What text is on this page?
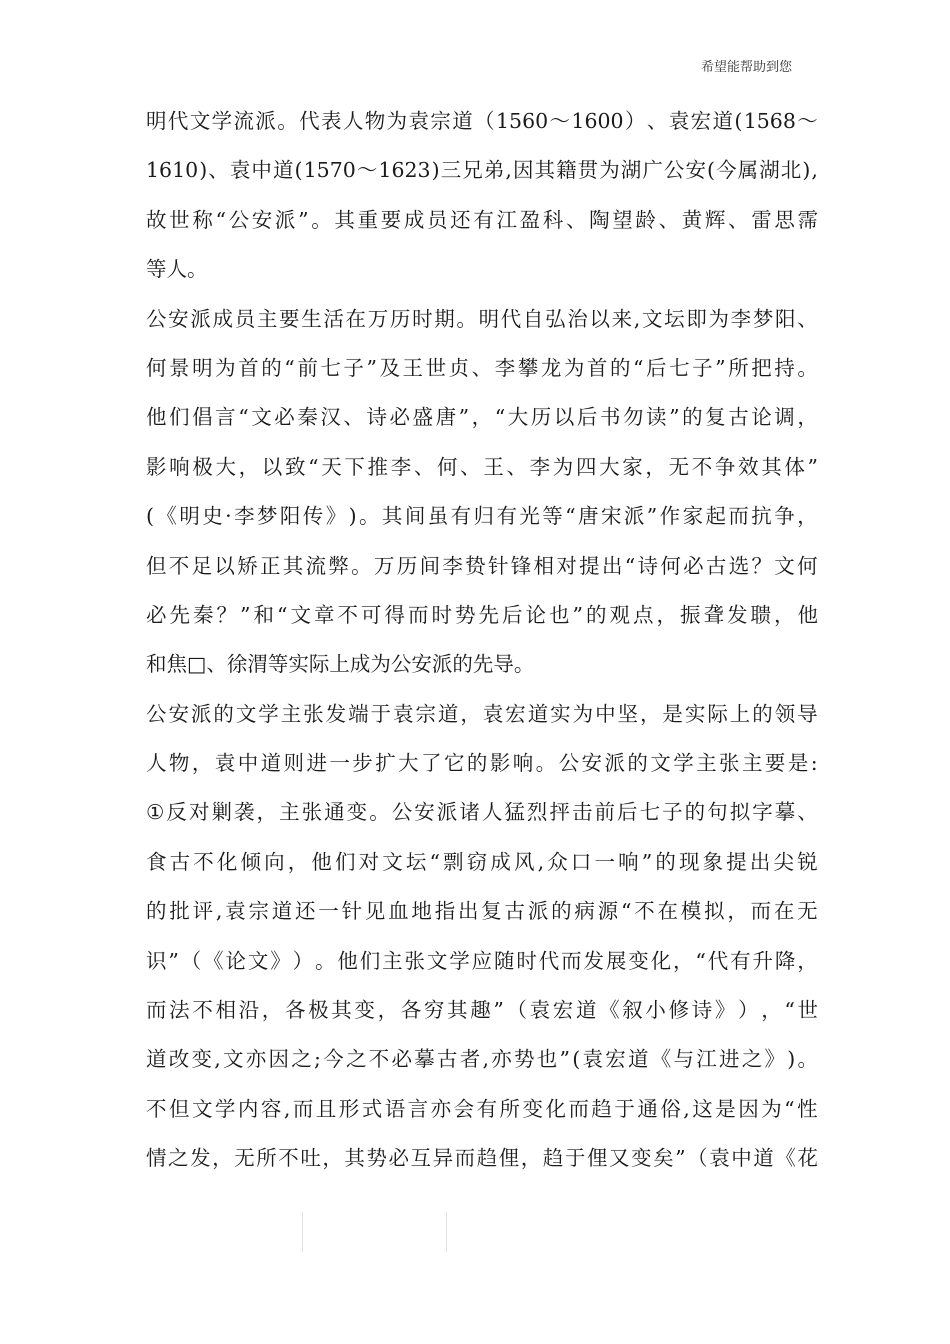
希望能帮助到您
明 代 文 学 流 派 。 代 表 人 物 为 袁 宗 道 （ 1560 ～ 1600 ） 、 袁 宏 道 ( 1568 ～
1610 ) 、 袁 中 道 ( 1570 ～ 1623 ) 三 兄 弟 , 因 其 籍 贯 为 湖 广 公 安 ( 今 属 湖 北 ) ,
故 世 称 “ 公 安 派 ” 。 其 重 要 成 员 还 有 江 盈 科 、 陶 望 龄 、 黄 辉 、 雷 思 霈
等 人 。
公 安 派 成 员 主 要 生 活 在 万 历 时 期 。 明 代 自 弘 治 以 来 , 文 坛 即 为 李 梦 阳 、
何 景 明 为 首 的 “ 前 七 子 ” 及 王 世 贞 、 李 攀 龙 为 首 的 “ 后 七 子 ” 所 把 持 。
他 们 倡 言 “ 文 必 秦 汉 、 诗 必 盛 唐 ” ， “ 大 历 以 后 书 勿 读 ” 的 复 古 论 调 ，
影 响 极 大 ， 以 致 “ 天 下 推 李 、 何 、 王 、 李 为 四 大 家 ， 无 不 争 效 其 体 ”
( 《 明 史 · 李 梦 阳 传 》 ) 。 其 间 虽 有 归 有 光 等 “ 唐 宋 派 ” 作 家 起 而 抗 争 ，
但 不 足 以 矫 正 其 流 弊 。 万 历 间 李 贽 针 锋 相 对 提 出 “ 诗 何 必 古 选 ？ 文 何
必 先 秦 ？ ” 和 “ 文 章 不 可 得 而 时 势 先 后 论 也 ” 的 观 点 ， 振 聋 发 聩 ， 他
和 焦 □ 、 徐 渭 等 实 际 上 成 为 公 安 派 的 先 导 。
公 安 派 的 文 学 主 张 发 端 于 袁 宗 道 ， 袁 宏 道 实 为 中 坚 ， 是 实 际 上 的 领 导
人 物 ， 袁 中 道 则 进 一 步 扩 大 了 它 的 影 响 。 公 安 派 的 文 学 主 张 主 要 是 :
① 反 对 剿 袭 ， 主 张 通 变 。 公 安 派 诸 人 猛 烈 抨 击 前 后 七 子 的 句 拟 字 摹 、
食 古 不 化 倾 向 ， 他 们 对 文 坛 “ 剽 窃 成 风 , 众 口 一 响 ” 的 现 象 提 出 尖 锐
的 批 评 , 袁 宗 道 还 一 针 见 血 地 指 出 复 古 派 的 病 源 “ 不 在 模 拟 ， 而 在 无
识 ” （ 《 论 文 》 ） 。 他 们 主 张 文 学 应 随 时 代 而 发 展 变 化 ， “ 代 有 升 降 ，
而 法 不 相 沿 ， 各 极 其 变 ， 各 穷 其 趣 ” （ 袁 宏 道 《 叙 小 修 诗 》 ） ， “ 世
道 改 变 , 文 亦 因 之 ; 今 之 不 必 摹 古 者 , 亦 势 也 ” ( 袁 宏 道 《 与 江 进 之 》 ) 。
不 但 文 学 内 容 , 而 且 形 式 语 言 亦 会 有 所 变 化 而 趋 于 通 俗 , 这 是 因 为 “ 性
情 之 发 ， 无 所 不 吐 ， 其 势 必 互 异 而 趋 俚 ， 趋 于 俚 又 变 矣 ” （ 袁 中 道 《 花
